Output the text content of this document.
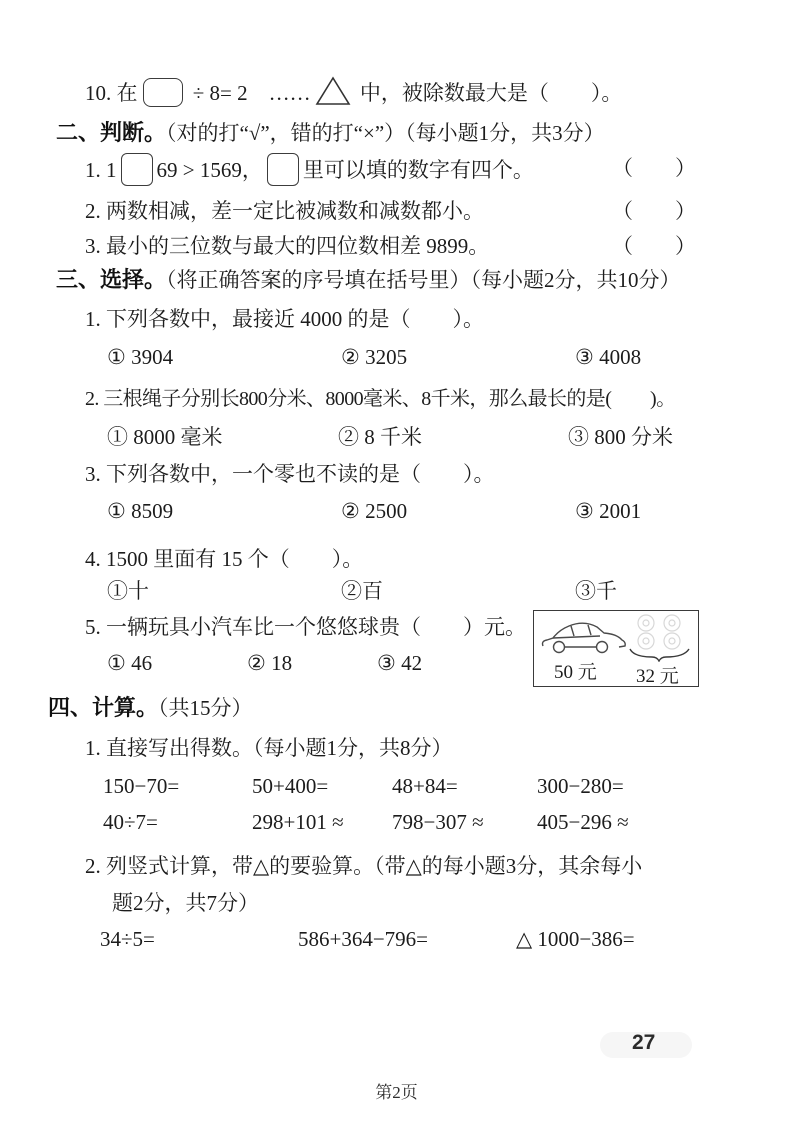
10. 在 ÷ 8= 2　…… 中，被除数最大是（　　）。
二、判断。（对的打“√”，错的打“×”）（每小题1分，共3分）
1. 1 69 > 1569， 里可以填的数字有四个。	（　　）
2. 两数相减，差一定比被减数和减数都小。	（　　）
3. 最小的三位数与最大的四位数相差 9899。	（　　）
三、选择。（将正确答案的序号填在括号里）（每小题2分，共10分）
1. 下列各数中，最接近 4000 的是（　　）。
① 3904	② 3205	③ 4008
2. 三根绳子分别长800分米、8000毫米、8千米，那么最长的是(　　)。
① 8000 毫米	② 8 千米	③ 800 分米
3. 下列各数中，一个零也不读的是（　　）。
① 8509	② 2500	③ 2001
4. 1500 里面有 15 个（　　）。
①十	②百	③千
5. 一辆玩具小汽车比一个悠悠球贵（　　）元。
① 46	② 18	③ 42	50 元 32 元
四、计算。（共15分）
1. 直接写出得数。（每小题1分，共8分）
150−70=	50+400=	48+84=	300−280=
40÷7=	298+101 ≈ 798−307 ≈	405−296 ≈
2. 列竖式计算，带△的要验算。（带△的每小题3分，其余每小
题2分，共7分）
34÷5=	586+364−796=	△ 1000−386=
27
第2页
